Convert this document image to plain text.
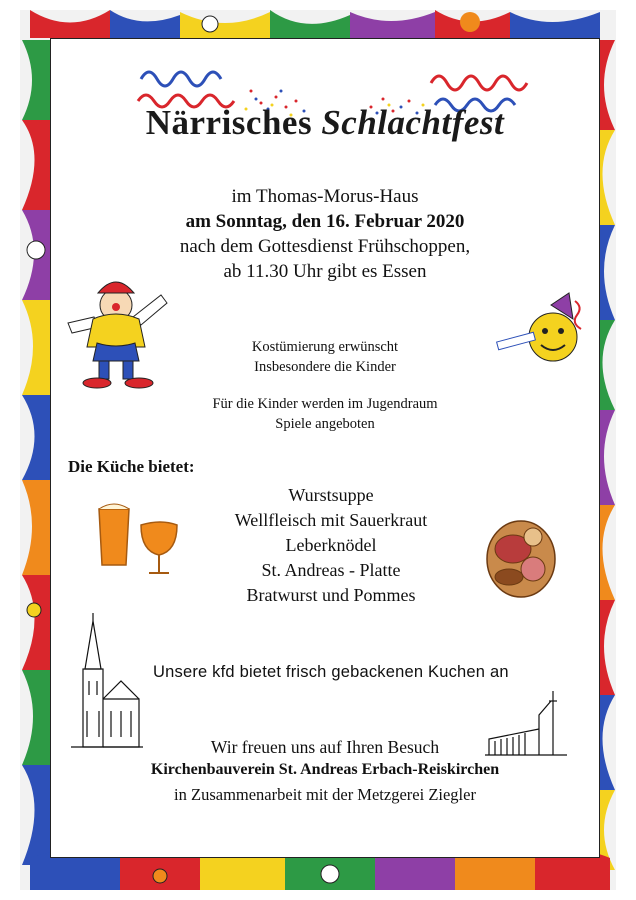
Närrisches Schlachtfest
im Thomas-Morus-Haus
am Sonntag, den 16. Februar 2020
nach dem Gottesdienst Frühschoppen,
ab 11.30 Uhr gibt es Essen
Kostümierung erwünscht
Insbesondere die Kinder
Für die Kinder werden im Jugendraum
Spiele angeboten
Die Küche bietet:
Wurstsuppe
Wellfleisch mit Sauerkraut
Leberknödel
St. Andreas - Platte
Bratwurst und Pommes
Unsere kfd bietet frisch gebackenen Kuchen an
Wir freuen uns auf Ihren Besuch
Kirchenbauverein St. Andreas Erbach-Reiskirchen
in Zusammenarbeit mit der Metzgerei Ziegler
